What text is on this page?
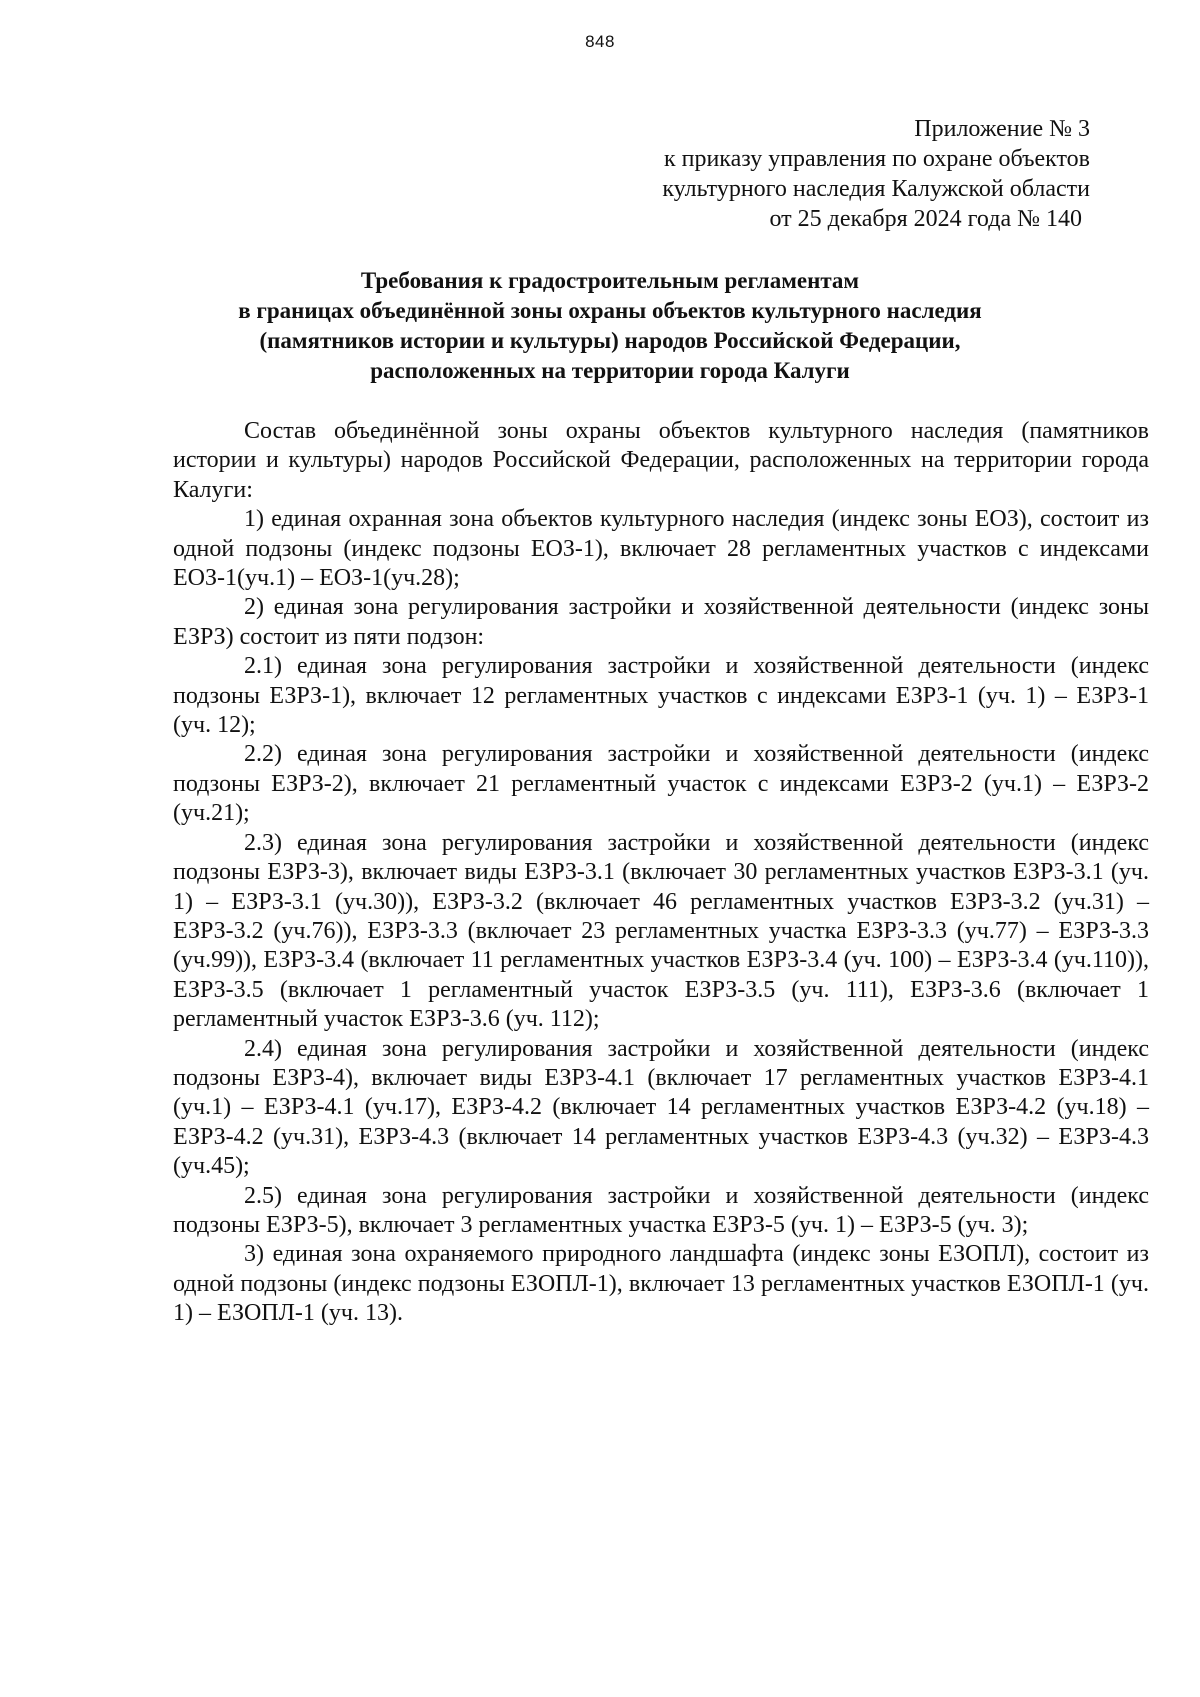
848
Приложение № 3
к приказу управления по охране объектов
культурного наследия Калужской области
от 25 декабря 2024 года № 140
Требования к градостроительным регламентам
в границах объединённой зоны охраны объектов культурного наследия
(памятников истории и культуры) народов Российской Федерации,
расположенных на территории города Калуги

Состав объединённой зоны охраны объектов культурного наследия (памятников истории и культуры) народов Российской Федерации, расположенных на территории города Калуги:

1) единая охранная зона объектов культурного наследия (индекс зоны ЕОЗ), состоит из одной подзоны (индекс подзоны ЕОЗ-1), включает 28 регламентных участков с индексами ЕОЗ-1(уч.1) – ЕОЗ-1(уч.28);

2) единая зона регулирования застройки и хозяйственной деятельности (индекс зоны ЕЗРЗ) состоит из пяти подзон:

2.1) единая зона регулирования застройки и хозяйственной деятельности (индекс подзоны ЕЗРЗ-1), включает 12 регламентных участков с индексами ЕЗРЗ-1 (уч. 1) – ЕЗРЗ-1 (уч. 12);

2.2) единая зона регулирования застройки и хозяйственной деятельности (индекс подзоны ЕЗРЗ-2), включает 21 регламентный участок с индексами ЕЗРЗ-2 (уч.1) – ЕЗРЗ-2 (уч.21);

2.3) единая зона регулирования застройки и хозяйственной деятельности (индекс подзоны ЕЗРЗ-3), включает виды ЕЗРЗ-3.1 (включает 30 регламентных участков ЕЗРЗ-3.1 (уч. 1) – ЕЗРЗ-3.1 (уч.30)), ЕЗРЗ-3.2 (включает 46 регламентных участков ЕЗРЗ-3.2 (уч.31) – ЕЗРЗ-3.2 (уч.76)), ЕЗРЗ-3.3 (включает 23 регламентных участка ЕЗРЗ-3.3 (уч.77) – ЕЗРЗ-3.3 (уч.99)), ЕЗРЗ-3.4 (включает 11 регламентных участков ЕЗРЗ-3.4 (уч. 100) – ЕЗРЗ-3.4 (уч.110)), ЕЗРЗ-3.5 (включает 1 регламентный участок ЕЗРЗ-3.5 (уч. 111), ЕЗРЗ-3.6 (включает 1 регламентный участок ЕЗРЗ-3.6 (уч. 112);

2.4) единая зона регулирования застройки и хозяйственной деятельности (индекс подзоны ЕЗРЗ-4), включает виды ЕЗРЗ-4.1 (включает 17 регламентных участков ЕЗРЗ-4.1 (уч.1) – ЕЗРЗ-4.1 (уч.17), ЕЗРЗ-4.2 (включает 14 регламентных участков ЕЗРЗ-4.2 (уч.18) – ЕЗРЗ-4.2 (уч.31), ЕЗРЗ-4.3 (включает 14 регламентных участков ЕЗРЗ-4.3 (уч.32) – ЕЗРЗ-4.3 (уч.45);

2.5) единая зона регулирования застройки и хозяйственной деятельности (индекс подзоны ЕЗРЗ-5), включает 3 регламентных участка ЕЗРЗ-5 (уч. 1) – ЕЗРЗ-5 (уч. 3);

3) единая зона охраняемого природного ландшафта (индекс зоны ЕЗОПЛ), состоит из одной подзоны (индекс подзоны ЕЗОПЛ-1), включает 13 регламентных участков ЕЗОПЛ-1 (уч. 1) – ЕЗОПЛ-1 (уч. 13).
